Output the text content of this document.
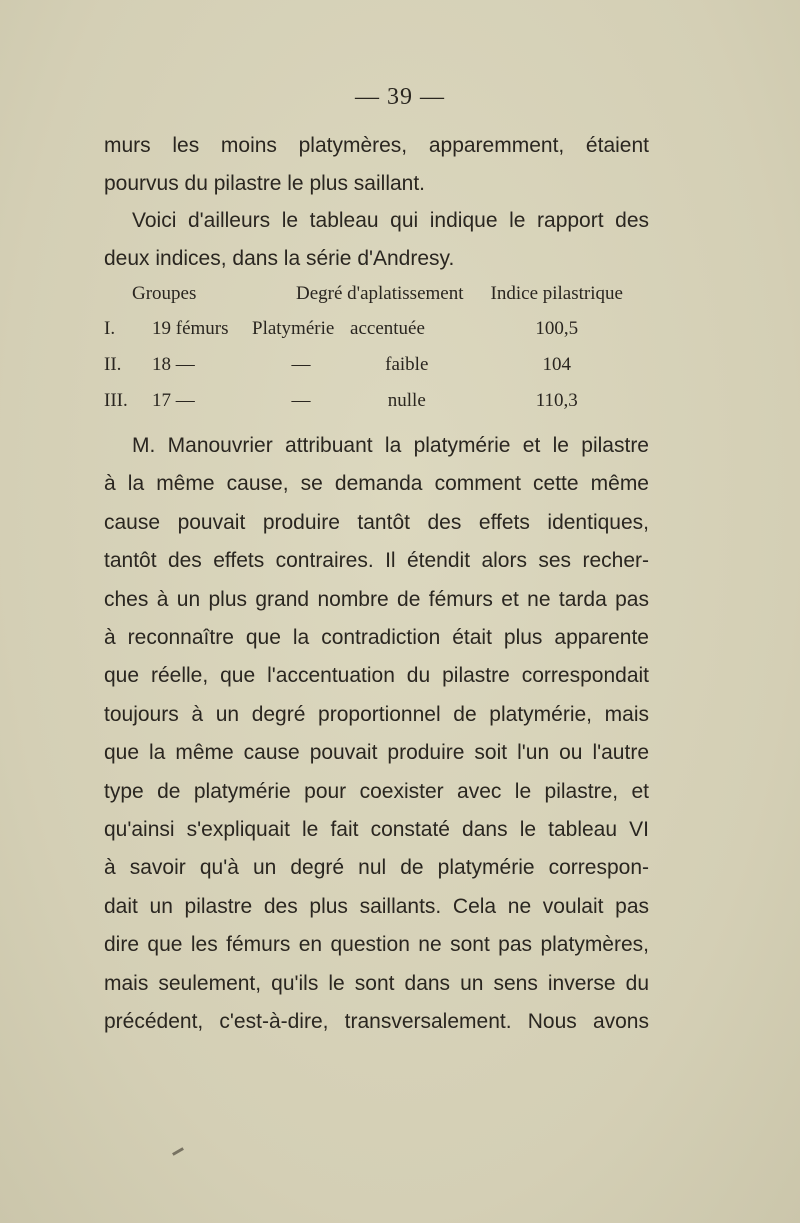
— 39 —

murs les moins platymères, apparemment, étaient
pourvus du pilastre le plus saillant.

Voici d'ailleurs le tableau qui indique le rapport des
deux indices, dans la série d'Andresy.

Groupes		Degré d'aplatissement		Indice pilastrique
I.	19 fémurs	Platymérie	accentuée	100,5
II.	18 —	—	faible	104
III.	17 —	—	nulle	110,3

M. Manouvrier attribuant la platymérie et le pilastre
à la même cause, se demanda comment cette même
cause pouvait produire tantôt des effets identiques,
tantôt des effets contraires. Il étendit alors ses recher-
ches à un plus grand nombre de fémurs et ne tarda pas
à reconnaître que la contradiction était plus apparente
que réelle, que l'accentuation du pilastre correspondait
toujours à un degré proportionnel de platymérie, mais
que la même cause pouvait produire soit l'un ou l'autre
type de platymérie pour coexister avec le pilastre, et
qu'ainsi s'expliquait le fait constaté dans le tableau VI
à savoir qu'à un degré nul de platymérie correspon-
dait un pilastre des plus saillants. Cela ne voulait pas
dire que les fémurs en question ne sont pas platymères,
mais seulement, qu'ils le sont dans un sens inverse du
précédent, c'est-à-dire, transversalement. Nous avons
